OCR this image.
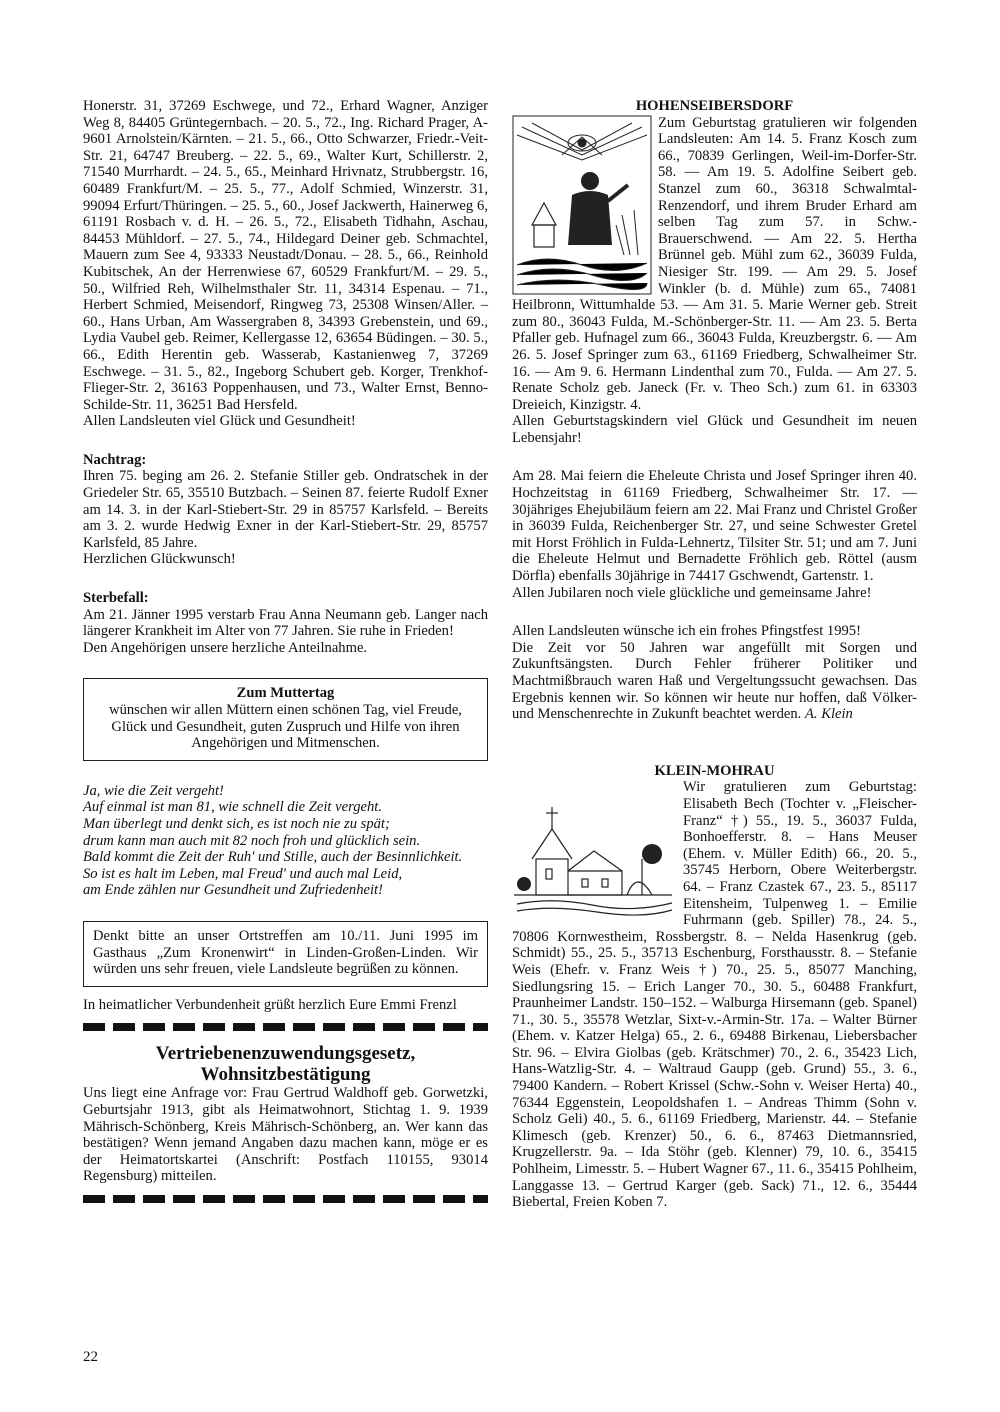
Honerstr. 31, 37269 Eschwege, und 72., Erhard Wagner, Anziger Weg 8, 84405 Grüntegernbach. – 20. 5., 72., Ing. Richard Prager, A-9601 Arnolstein/Kärnten. – 21. 5., 66., Otto Schwarzer, Friedr.-Veit-Str. 21, 64747 Breuberg. – 22. 5., 69., Walter Kurt, Schillerstr. 2, 71540 Murrhardt. – 24. 5., 65., Meinhard Hrivnatz, Strubbergstr. 16, 60489 Frankfurt/M. – 25. 5., 77., Adolf Schmied, Winzerstr. 31, 99094 Erfurt/Thüringen. – 25. 5., 60., Josef Jackwerth, Hainerweg 6, 61191 Rosbach v. d. H. – 26. 5., 72., Elisabeth Tidhahn, Aschau, 84453 Mühldorf. – 27. 5., 74., Hildegard Deiner geb. Schmachtel, Mauern zum See 4, 93333 Neustadt/Donau. – 28. 5., 66., Reinhold Kubitschek, An der Herrenwiese 67, 60529 Frankfurt/M. – 29. 5., 50., Wilfried Reh, Wilhelmsthaler Str. 11, 34314 Espenau. – 71., Herbert Schmied, Meisendorf, Ringweg 73, 25308 Winsen/Aller. – 60., Hans Urban, Am Wassergraben 8, 34393 Grebenstein, und 69., Lydia Vaubel geb. Reimer, Kellergasse 12, 63654 Büdingen. – 30. 5., 66., Edith Herentin geb. Wasserab, Kastanienweg 7, 37269 Eschwege. – 31. 5., 82., Ingeborg Schubert geb. Korger, Trenkhof-Flieger-Str. 2, 36163 Poppenhausen, und 73., Walter Ernst, Benno-Schilde-Str. 11, 36251 Bad Hersfeld.

Allen Landsleuten viel Glück und Gesundheit!

Nachtrag:

Ihren 75. beging am 26. 2. Stefanie Stiller geb. Ondratschek in der Griedeler Str. 65, 35510 Butzbach. – Seinen 87. feierte Rudolf Exner am 14. 3. in der Karl-Stiebert-Str. 29 in 85757 Karlsfeld. – Bereits am 3. 2. wurde Hedwig Exner in der Karl-Stiebert-Str. 29, 85757 Karlsfeld, 85 Jahre.

Herzlichen Glückwunsch!

Sterbefall:

Am 21. Jänner 1995 verstarb Frau Anna Neumann geb. Langer nach längerer Krankheit im Alter von 77 Jahren. Sie ruhe in Frieden!

Den Angehörigen unsere herzliche Anteilnahme.

Zum Muttertag

wünschen wir allen Müttern einen schönen Tag, viel Freude, Glück und Gesundheit, guten Zuspruch und Hilfe von ihren Angehörigen und Mitmenschen.

Ja, wie die Zeit vergeht!

Auf einmal ist man 81, wie schnell die Zeit vergeht.

Man überlegt und denkt sich, es ist noch nie zu spät;

drum kann man auch mit 82 noch froh und glücklich sein.

Bald kommt die Zeit der Ruh' und Stille, auch der Besinnlichkeit.

So ist es halt im Leben, mal Freud' und auch mal Leid,

am Ende zählen nur Gesundheit und Zufriedenheit!

Denkt bitte an unser Ortstreffen am 10./11. Juni 1995 im Gasthaus „Zum Kronenwirt“ in Linden-Großen-Linden. Wir würden uns sehr freuen, viele Landsleute begrüßen zu können.

In heimatlicher Verbundenheit grüßt herzlich Eure Emmi Frenzl

Vertriebenenzuwendungsgesetz,

Wohnsitzbestätigung

Uns liegt eine Anfrage vor: Frau Gertrud Waldhoff geb. Gorwetzki, Geburtsjahr 1913, gibt als Heimatwohnort, Stichtag 1. 9. 1939 Mährisch-Schönberg, Kreis Mährisch-Schönberg, an. Wer kann das bestätigen? Wenn jemand Angaben dazu machen kann, möge er es der Heimatortskartei (Anschrift: Postfach 110155, 93014 Regensburg) mitteilen.

HOHENSEIBERSDORF

Zum Geburtstag gratulieren wir folgenden Landsleuten: Am 14. 5. Franz Kosch zum 66., 70839 Gerlingen, Weil-im-Dorfer-Str. 58. — Am 19. 5. Adolfine Seibert geb. Stanzel zum 60., 36318 Schwalmtal-Renzendorf, und ihrem Bruder Erhard am selben Tag zum 57. in Schw.-Brauerschwend. — Am 22. 5. Hertha Brünnel geb. Mühl zum 62., 36039 Fulda, Niesiger Str. 199. — Am 29. 5. Josef Winkler (b. d. Mühle) zum 65., 74081 Heilbronn, Wittumhalde 53. — Am 31. 5. Marie Werner geb. Streit zum 80., 36043 Fulda, M.-Schönberger-Str. 11. — Am 23. 5. Berta Pfaller geb. Hufnagel zum 66., 36043 Fulda, Kreuzbergstr. 6. — Am 26. 5. Josef Springer zum 63., 61169 Friedberg, Schwalheimer Str. 16. — Am 9. 6. Hermann Lindenthal zum 70., Fulda. — Am 27. 5. Renate Scholz geb. Janeck (Fr. v. Theo Sch.) zum 61. in 63303 Dreieich, Kinzigstr. 4.

Allen Geburtstagskindern viel Glück und Gesundheit im neuen Lebensjahr!

Am 28. Mai feiern die Eheleute Christa und Josef Springer ihren 40. Hochzeitstag in 61169 Friedberg, Schwalheimer Str. 17. — 30jähriges Ehejubiläum feiern am 22. Mai Franz und Christel Großer in 36039 Fulda, Reichenberger Str. 27, und seine Schwester Gretel mit Horst Fröhlich in Fulda-Lehnertz, Tilsiter Str. 51; und am 7. Juni die Eheleute Helmut und Bernadette Fröhlich geb. Röttel (ausm Dörfla) ebenfalls 30jährige in 74417 Gschwendt, Gartenstr. 1.

Allen Jubilaren noch viele glückliche und gemeinsame Jahre!

Allen Landsleuten wünsche ich ein frohes Pfingstfest 1995!

Die Zeit vor 50 Jahren war angefüllt mit Sorgen und Zukunftsängsten. Durch Fehler früherer Politiker und Machtmißbrauch waren Haß und Vergeltungssucht gewachsen. Das Ergebnis kennen wir. So können wir heute nur hoffen, daß Völker- und Menschenrechte in Zukunft beachtet werden. A. Klein

KLEIN-MOHRAU

Wir gratulieren zum Geburtstag: Elisabeth Bech (Tochter v. „Fleischer-Franz“ †) 55., 19. 5., 36037 Fulda, Bonhoefferstr. 8. – Hans Meuser (Ehem. v. Müller Edith) 66., 20. 5., 35745 Herborn, Obere Weiterbergstr. 64. – Franz Czastek 67., 23. 5., 85117 Eitensheim, Tulpenweg 1. – Emilie Fuhrmann (geb. Spiller) 78., 24. 5., 70806 Kornwestheim, Rossbergstr. 8. – Nelda Hasenkrug (geb. Schmidt) 55., 25. 5., 35713 Eschenburg, Forsthausstr. 8. – Stefanie Weis (Ehefr. v. Franz Weis †) 70., 25. 5., 85077 Manching, Siedlungsring 15. – Erich Langer 70., 30. 5., 60488 Frankfurt, Praunheimer Landstr. 150–152. – Walburga Hirsemann (geb. Spanel) 71., 30. 5., 35578 Wetzlar, Sixt-v.-Armin-Str. 17a. – Walter Bürner (Ehem. v. Katzer Helga) 65., 2. 6., 69488 Birkenau, Liebersbacher Str. 96. – Elvira Giolbas (geb. Krätschmer) 70., 2. 6., 35423 Lich, Hans-Watzlig-Str. 4. – Waltraud Gaupp (geb. Grund) 55., 3. 6., 79400 Kandern. – Robert Krissel (Schw.-Sohn v. Weiser Herta) 40., 76344 Eggenstein, Leopoldshafen 1. – Andreas Thimm (Sohn v. Scholz Geli) 40., 5. 6., 61169 Friedberg, Marienstr. 44. – Stefanie Klimesch (geb. Krenzer) 50., 6. 6., 87463 Dietmannsried, Krugzellerstr. 9a. – Ida Stöhr (geb. Klenner) 79, 10. 6., 35415 Pohlheim, Limesstr. 5. – Hubert Wagner 67., 11. 6., 35415 Pohlheim, Langgasse 13. – Gertrud Karger (geb. Sack) 71., 12. 6., 35444 Biebertal, Freien Koben 7.

22
